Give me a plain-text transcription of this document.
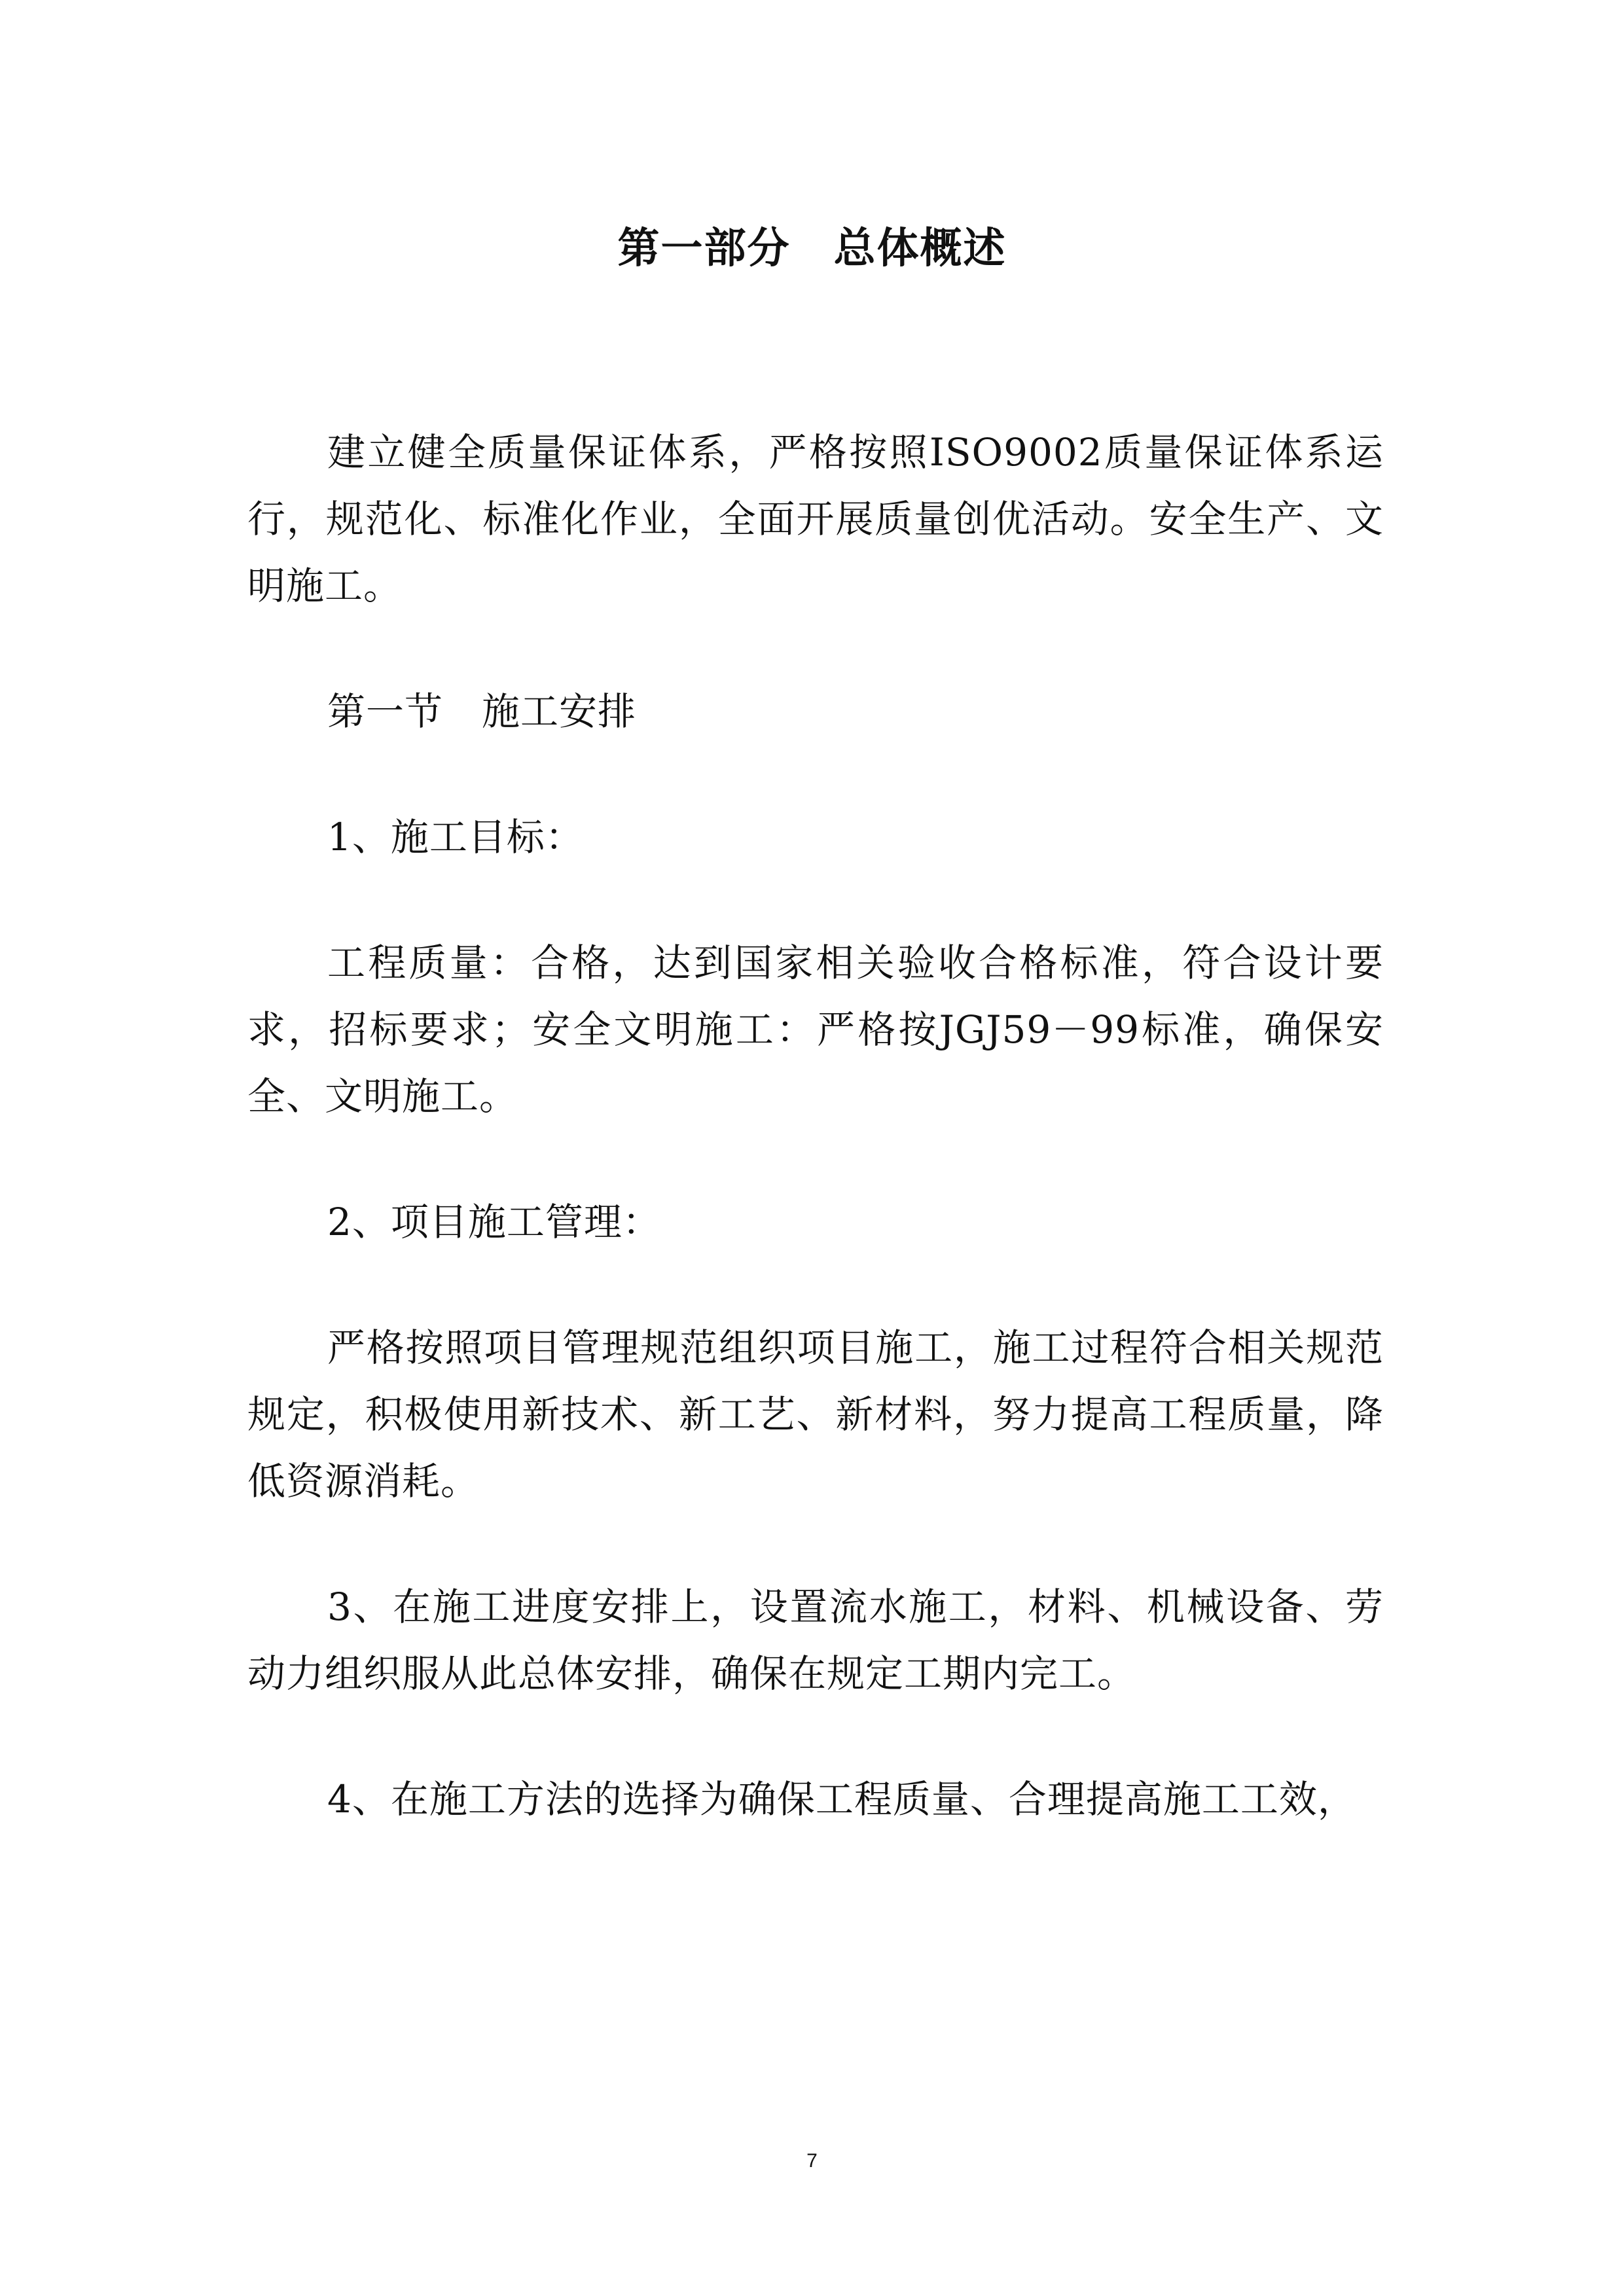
第一部分　总体概述

建立健全质量保证体系，严格按照ISO9002质量保证体系运行，规范化、标准化作业，全面开展质量创优活动。安全生产、文明施工。

第一节　施工安排

1、施工目标：

工程质量：合格，达到国家相关验收合格标准，符合设计要求，招标要求；安全文明施工：严格按JGJ59－99标准，确保安全、文明施工。

2、项目施工管理：

严格按照项目管理规范组织项目施工，施工过程符合相关规范规定，积极使用新技术、新工艺、新材料，努力提高工程质量，降低资源消耗。

3、在施工进度安排上，设置流水施工，材料、机械设备、劳动力组织服从此总体安排，确保在规定工期内完工。

4、在施工方法的选择为确保工程质量、合理提高施工工效，

7
